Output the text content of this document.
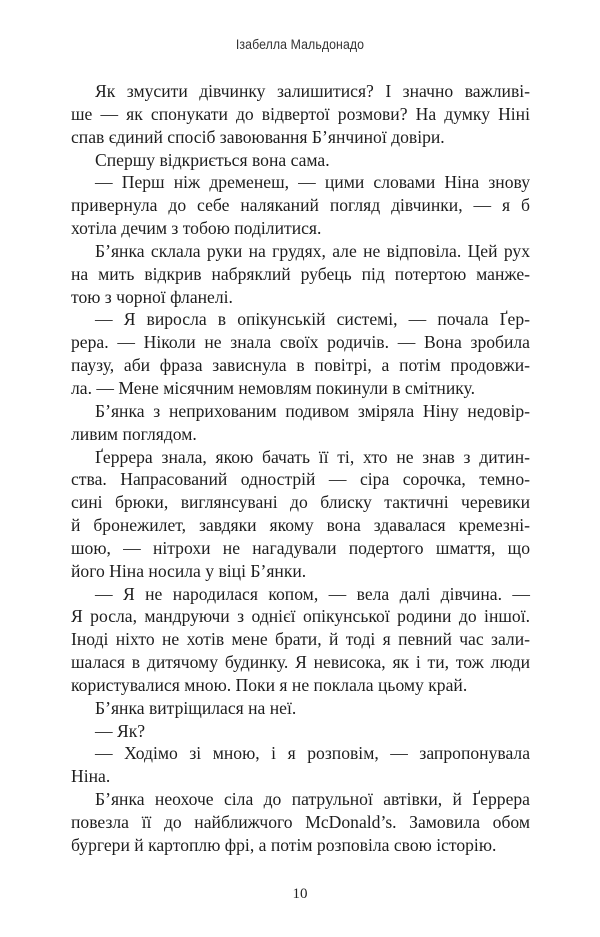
Ізабелла Мальдонадо
Як змусити дівчинку залишитися? І значно важливі-
ше — як спонукати до відвертої розмови? На думку Ніні
спав єдиний спосіб завоювання Б’янчиної довіри.
Спершу відкриється вона сама.
— Перш ніж дременеш, — цими словами Ніна знову
привернула до себе наляканий погляд дівчинки, — я б
хотіла дечим з тобою поділитися.
Б’янка склала руки на грудях, але не відповіла. Цей рух
на мить відкрив набряклий рубець під потертою манже-
тою з чорної фланелі.
— Я виросла в опікунській системі, — почала Ґер-
рера. — Ніколи не знала своїх родичів. — Вона зробила
паузу, аби фраза зависнула в повітрі, а потім продовжи-
ла. — Мене місячним немовлям покинули в смітнику.
Б’янка з неприхованим подивом зміряла Ніну недовір-
ливим поглядом.
Ґеррера знала, якою бачать її ті, хто не знав з дитин-
ства. Напрасований однострій — сіра сорочка, темно-
сині брюки, виглянсувані до блиску тактичні черевики
й бронежилет, завдяки якому вона здавалася кремезні-
шою, — нітрохи не нагадували подертого шмаття, що
його Ніна носила у віці Б’янки.
— Я не народилася копом, — вела далі дівчина. —
Я росла, мандруючи з однієї опікунської родини до іншої.
Іноді ніхто не хотів мене брати, й тоді я певний час зали-
шалася в дитячому будинку. Я невисока, як і ти, тож люди
користувалися мною. Поки я не поклала цьому край.
Б’янка витріщилася на неї.
— Як?
— Ходімо зі мною, і я розповім, — запропонувала
Ніна.
Б’янка неохоче сіла до патрульної автівки, й Ґеррера
повезла її до найближчого McDonald’s. Замовила обом
бургери й картоплю фрі, а потім розповіла свою історію.
10
